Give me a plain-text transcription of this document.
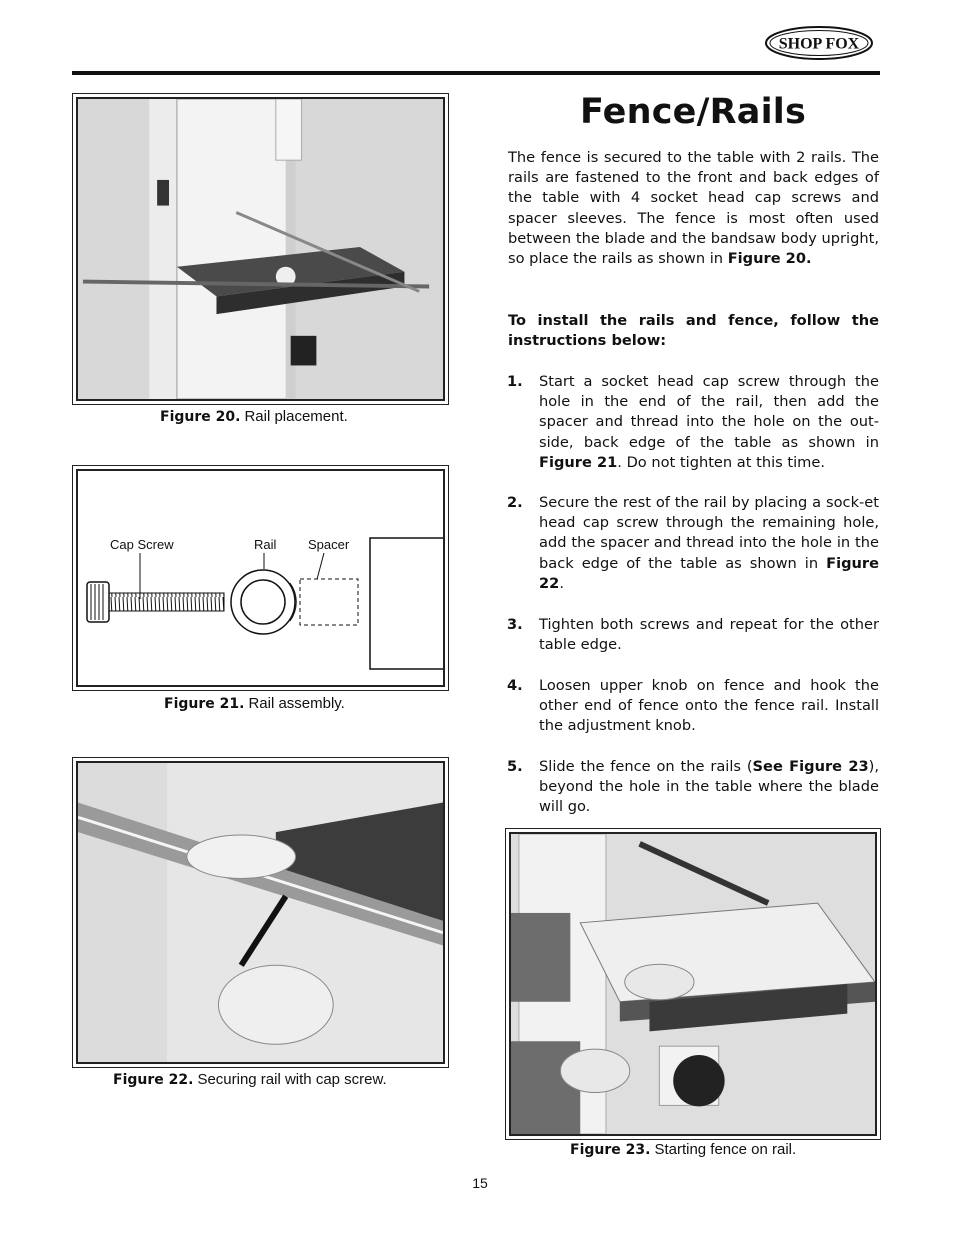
SHOP FOX
Figure 20. Rail placement.
Cap Screw	Rail Spacer
Figure 21. Rail assembly.
Figure 22. Securing rail with cap screw.
Fence/Rails
The fence is secured to the table with 2 rails. The rails are fastened to the front and back edges of the table with 4 socket head cap screws and spacer sleeves. The fence is most often used between the blade and the bandsaw body upright, so place the rails as shown in Figure 20.
To install the rails and fence, follow the instructions below:
1. Start a socket head cap screw through the hole in the end of the rail, then add the spacer and thread into the hole on the out-side, back edge of the table as shown in Figure 21. Do not tighten at this time.
2. Secure the rest of the rail by placing a sock-et head cap screw through the remaining hole, add the spacer and thread into the hole in the back edge of the table as shown in Figure 22.
3. Tighten both screws and repeat for the other table edge.
4. Loosen upper knob on fence and hook the other end of fence onto the fence rail. Install the adjustment knob.
5. Slide the fence on the rails (See Figure 23), beyond the hole in the table where the blade will go.
Figure 23. Starting fence on rail.
15
